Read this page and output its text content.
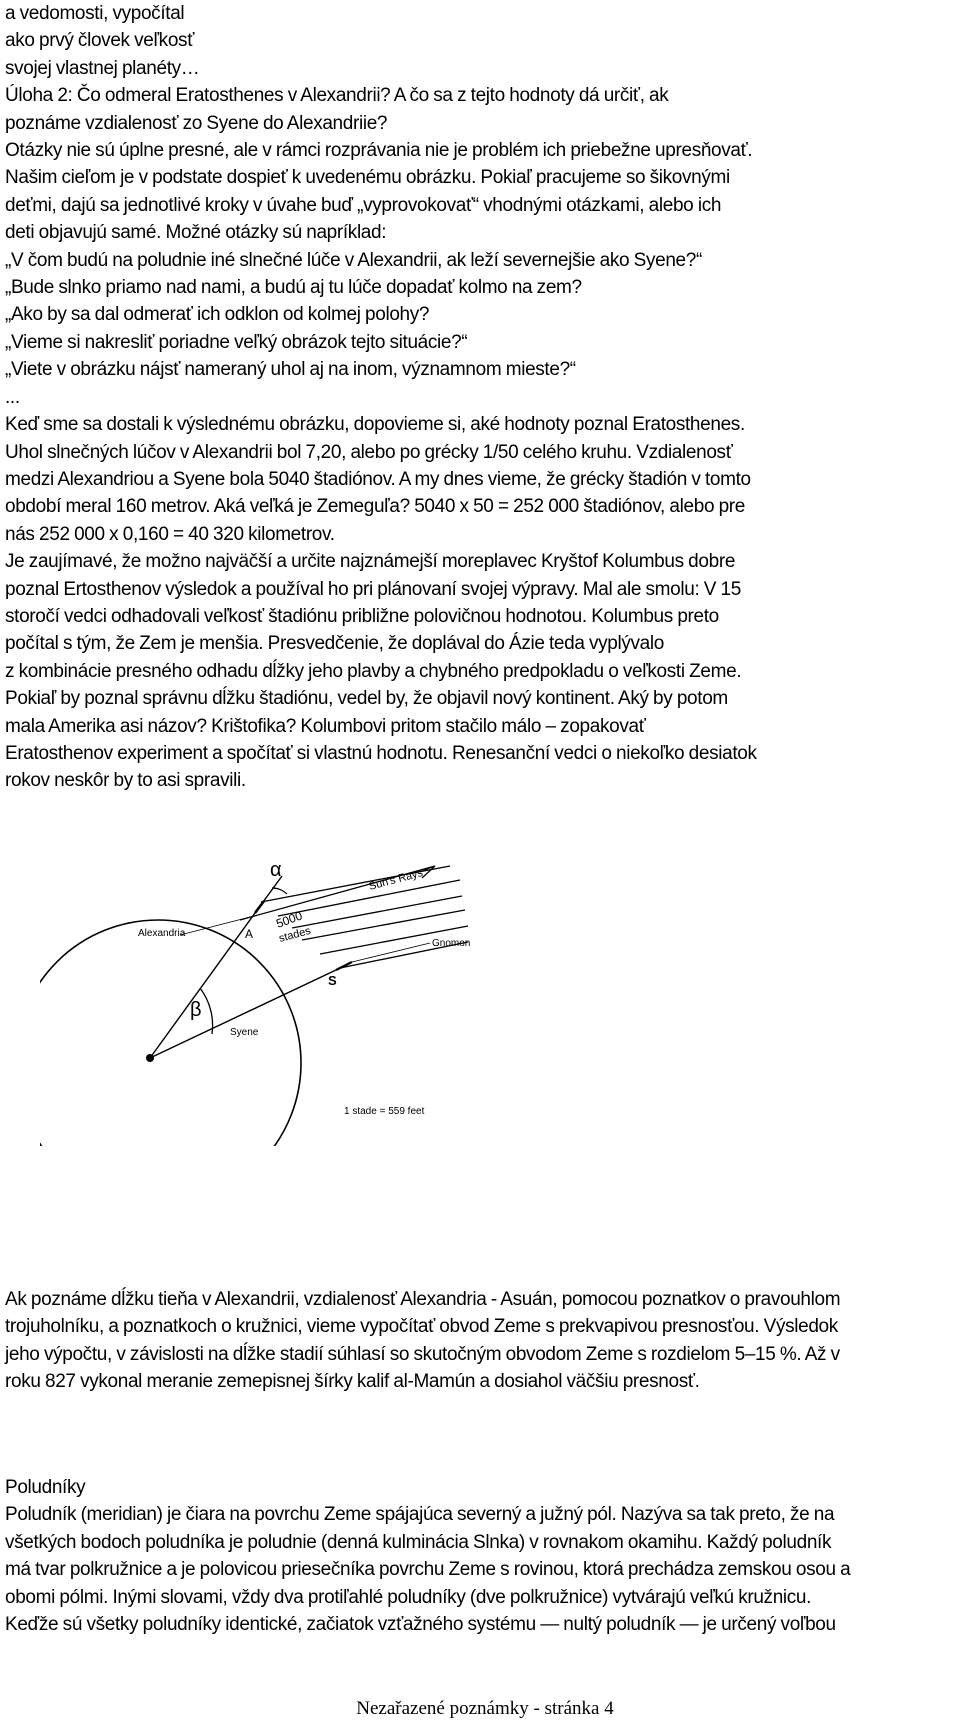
a vedomosti, vypočítal
ako prvý človek veľkosť
svojej vlastnej planéty…
Úloha 2: Čo odmeral Eratosthenes v Alexandrii? A čo sa z tejto hodnoty dá určiť, ak
poznáme vzdialenosť zo Syene do Alexandriie?
Otázky nie sú úplne presné, ale v rámci rozprávania nie je problém ich priebežne upresňovať.
Našim cieľom je v podstate dospieť k uvedenému obrázku. Pokiaľ pracujeme so šikovnými
deťmi, dajú sa jednotlivé kroky v úvahe buď „vyprovokovať“ vhodnými otázkami, alebo ich
deti objavujú samé. Možné otázky sú napríklad:
„V čom budú na poludnie iné slnečné lúče v Alexandrii, ak leží severnejšie ako Syene?“
„Bude slnko priamo nad nami, a budú aj tu lúče dopadať kolmo na zem?
„Ako by sa dal odmerať ich odklon od kolmej polohy?
„Vieme si nakresliť poriadne veľký obrázok tejto situácie?“
„Viete v obrázku nájsť nameraný uhol aj na inom, významnom mieste?“
...
Keď sme sa dostali k výslednému obrázku, dopovieme si, aké hodnoty poznal Eratosthenes.
Uhol slnečných lúčov v Alexandrii bol 7,20, alebo po grécky 1/50 celého kruhu. Vzdialenosť
medzi Alexandriou a Syene bola 5040 štadiónov. A my dnes vieme, že grécky štadión v tomto
období meral 160 metrov. Aká veľká je Zemeguľa? 5040 x 50 = 252 000 štadiónov, alebo pre
nás 252 000 x 0,160 = 40 320 kilometrov.
Je zaujímavé, že možno najväčší a určite najznámejší moreplavec Kryštof Kolumbus dobre
poznal Ertosthenov výsledok a používal ho pri plánovaní svojej výpravy. Mal ale smolu: V 15
storočí vedci odhadovali veľkosť štadiónu približne polovičnou hodnotou. Kolumbus preto
počítal s tým, že Zem je menšia. Presvedčenie, že doplával do Ázie teda vyplývalo
z kombinácie presného odhadu dĺžky jeho plavby a chybného predpokladu o veľkosti Zeme.
Pokiaľ by poznal správnu dĺžku štadiónu, vedel by, že objavil nový kontinent. Aký by potom
mala Amerika asi názov? Krištofika? Kolumbovi pritom stačilo málo – zopakovať
Eratosthenov experiment a spočítať si vlastnú hodnotu. Renesanční vedci o niekoľko desiatok
rokov neskôr by to asi spravili.
α	Sun's Rays
5000
stades
Alexandria	A
Gnomon
S
β
Syene
1 stade = 559 feet
Ak poznáme dĺžku tieňa v Alexandrii, vzdialenosť Alexandria - Asuán, pomocou poznatkov o pravouhlom
trojuholníku, a poznatkoch o kružnici, vieme vypočítať obvod Zeme s prekvapivou presnosťou. Výsledok
jeho výpočtu, v závislosti na dĺžke stadií súhlasí so skutočným obvodom Zeme s rozdielom 5–15 %. Až v
roku 827 vykonal meranie zemepisnej šírky kalif al-Mamún a dosiahol väčšiu presnosť.
Poludníky
Poludník (meridian) je čiara na povrchu Zeme spájajúca severný a južný pól. Nazýva sa tak preto, že na
všetkých bodoch poludníka je poludnie (denná kulminácia Slnka) v rovnakom okamihu. Každý poludník
má tvar polkružnice a je polovicou priesečníka povrchu Zeme s rovinou, ktorá prechádza zemskou osou a
obomi pólmi. Inými slovami, vždy dva protiľahlé poludníky (dve polkružnice) vytvárajú veľkú kružnicu.
Keďže sú všetky poludníky identické, začiatok vzťažného systému — nultý poludník — je určený voľbou
Nezařazené poznámky - stránka 4
